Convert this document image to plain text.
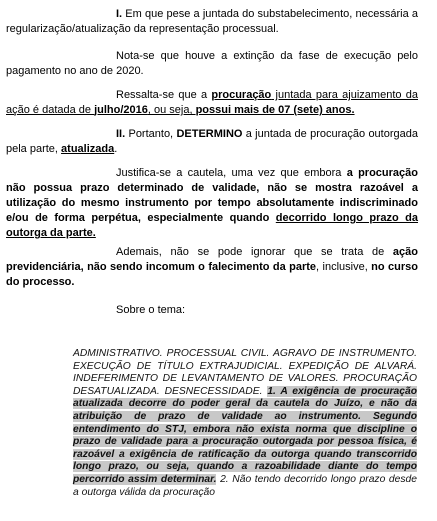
I. Em que pese a juntada do substabelecimento, necessária a regularização/atualização da representação processual.
Nota-se que houve a extinção da fase de execução pelo pagamento no ano de 2020.
Ressalta-se que a procuração juntada para ajuizamento da ação é datada de julho/2016, ou seja, possui mais de 07 (sete) anos.
II. Portanto, DETERMINO a juntada de procuração outorgada pela parte, atualizada.
Justifica-se a cautela, uma vez que embora a procuração não possua prazo determinado de validade, não se mostra razoável a utilização do mesmo instrumento por tempo absolutamente indiscriminado e/ou de forma perpétua, especialmente quando decorrido longo prazo da outorga da parte.
Ademais, não se pode ignorar que se trata de ação previdenciária, não sendo incomum o falecimento da parte, inclusive, no curso do processo.
Sobre o tema:
ADMINISTRATIVO. PROCESSUAL CIVIL. AGRAVO DE INSTRUMENTO. EXECUÇÃO DE TÍTULO EXTRAJUDICIAL. EXPEDIÇÃO DE ALVARÁ. INDEFERIMENTO DE LEVANTAMENTO DE VALORES. PROCURAÇÃO DESATUALIZADA. DESNECESSIDADE. 1. A exigência de procuração atualizada decorre do poder geral da cautela do Juízo, e não da atribuição de prazo de validade ao instrumento. Segundo entendimento do STJ, embora não exista norma que discipline o prazo de validade para a procuração outorgada por pessoa física, é razoável a exigência de ratificação da outorga quando transcorrido longo prazo, ou seja, quando a razoabilidade diante do tempo percorrido assim determinar. 2. Não tendo decorrido longo prazo desde a outorga válida da procuração
